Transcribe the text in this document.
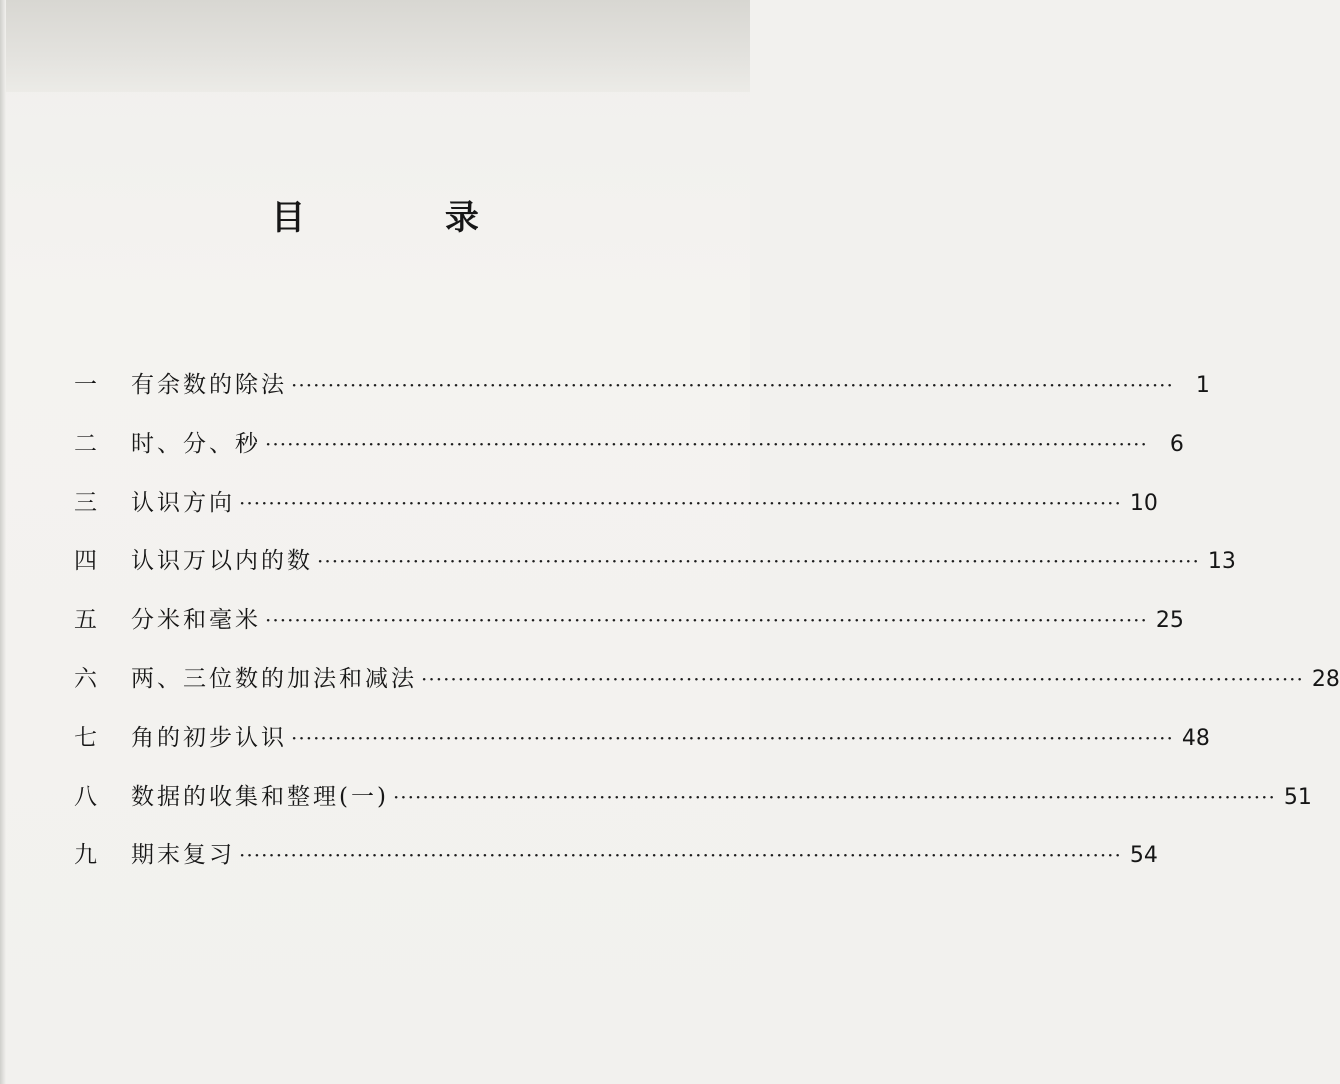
目 录
一	有余数的除法 ························································································································	1
二	时、分、秒 ························································································································	6
三	认识方向 ························································································································ 10
四	认识万以内的数 ························································································································ 13
五	分米和毫米 ························································································································ 25
六	两、三位数的加法和减法 ························································································································ 28
七	角的初步认识 ························································································································ 48
八	数据的收集和整理(一) ························································································································ 51
九	期末复习 ························································································································ 54
